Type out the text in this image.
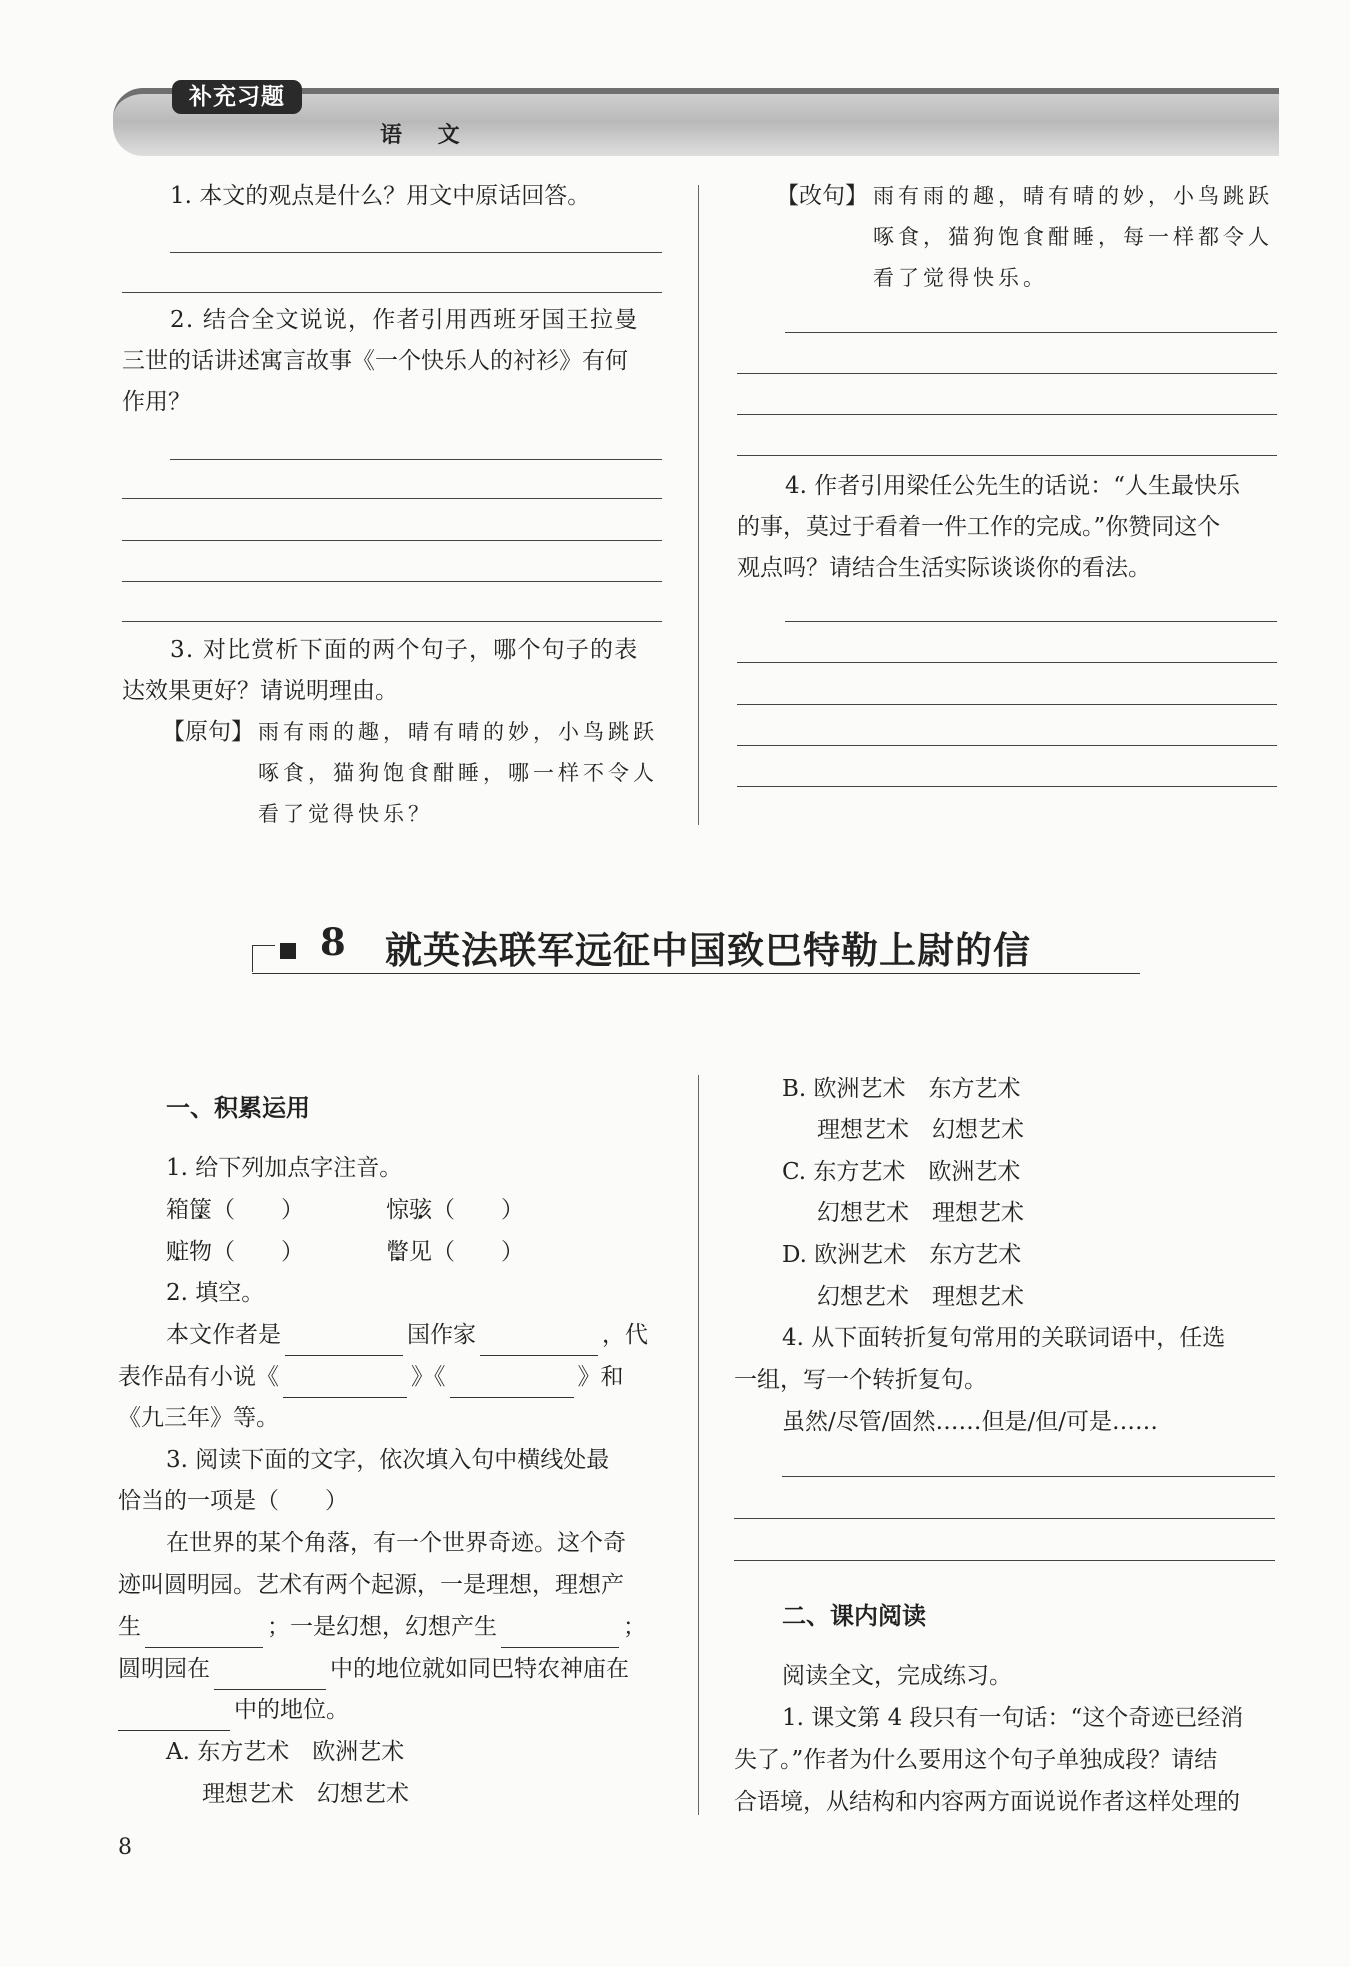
补充习题
语 文
1. 本文的观点是什么？用文中原话回答。
2. 结合全文说说，作者引用西班牙国王拉曼
三世的话讲述寓言故事《一个快乐人的衬衫》有何
作用？
3. 对比赏析下面的两个句子，哪个句子的表
达效果更好？请说明理由。
【原句】 雨有雨的趣，晴有晴的妙，小鸟跳跃
啄食，猫狗饱食酣睡，哪一样不令人
看了觉得快乐？
【改句】 雨有雨的趣，晴有晴的妙，小鸟跳跃
啄食，猫狗饱食酣睡，每一样都令人
看了觉得快乐。
4. 作者引用梁任公先生的话说：“人生最快乐
的事，莫过于看着一件工作的完成。”你赞同这个
观点吗？请结合生活实际谈谈你的看法。
8 就英法联军远征中国致巴特勒上尉的信
一、积累运用
1. 给下列加点字注音。
箱箧（　　）	惊骇（　　）
赃物（　　）	瞥见（　　）
2. 填空。
本文作者是	国作家	，代
表作品有小说《	》《	》和
《九三年》等。
3. 阅读下面的文字，依次填入句中横线处最
恰当的一项是（　　）
在世界的某个角落，有一个世界奇迹。这个奇
迹叫圆明园。艺术有两个起源，一是理想，理想产
生	；一是幻想，幻想产生	；
圆明园在	中的地位就如同巴特农神庙在
中的地位。
A. 东方艺术　欧洲艺术
理想艺术　幻想艺术
B. 欧洲艺术　东方艺术
理想艺术　幻想艺术
C. 东方艺术　欧洲艺术
幻想艺术　理想艺术
D. 欧洲艺术　东方艺术
幻想艺术　理想艺术
4. 从下面转折复句常用的关联词语中，任选
一组，写一个转折复句。
虽然/尽管/固然……但是/但/可是……
二、课内阅读
阅读全文，完成练习。
1. 课文第 4 段只有一句话：“这个奇迹已经消
失了。”作者为什么要用这个句子单独成段？请结
合语境，从结构和内容两方面说说作者这样处理的
8
